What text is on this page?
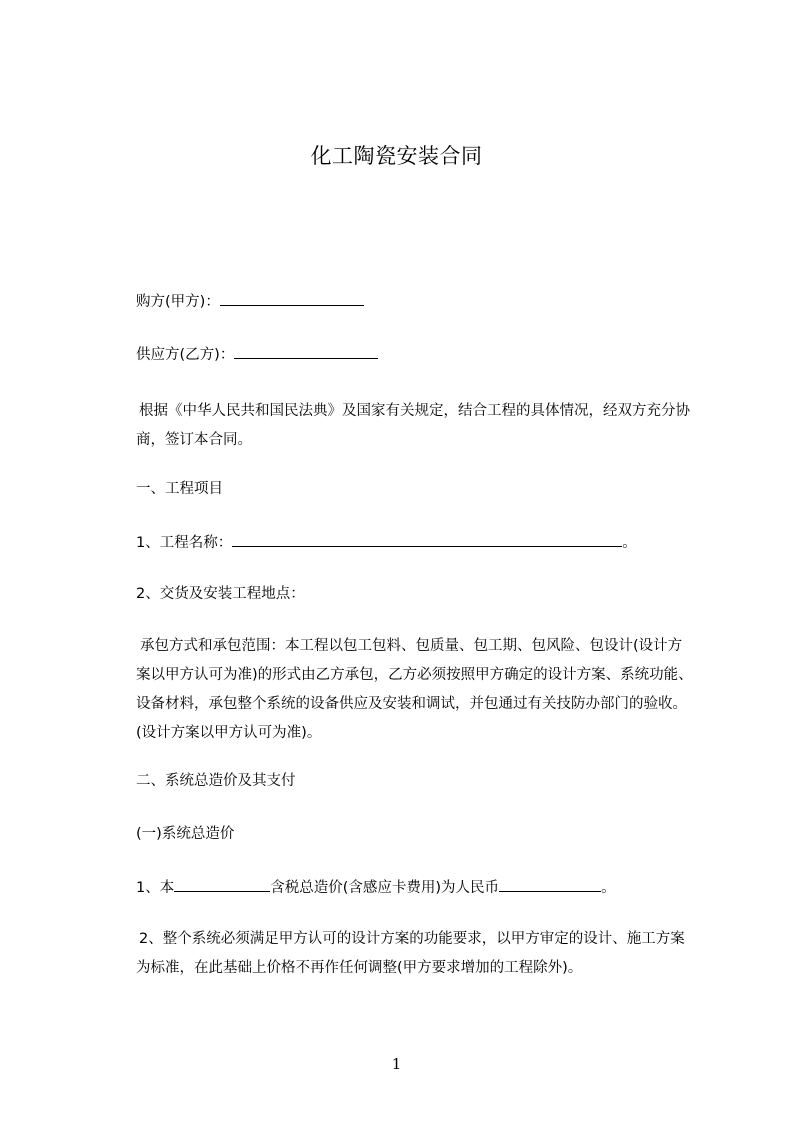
化工陶瓷安装合同
购方(甲方)：
供应方(乙方)：
根据《中华人民共和国民法典》及国家有关规定，结合工程的具体情况，经双方充分协商，签订本合同。
一、工程项目
1、工程名称：	。
2、交货及安装工程地点：
承包方式和承包范围：本工程以包工包料、包质量、包工期、包风险、包设计(设计方案以甲方认可为准)的形式由乙方承包，乙方必须按照甲方确定的设计方案、系统功能、设备材料，承包整个系统的设备供应及安装和调试，并包通过有关技防办部门的验收。(设计方案以甲方认可为准)。
二、系统总造价及其支付
(一)系统总造价
1、本	含税总造价(含感应卡费用)为人民币	。
2、整个系统必须满足甲方认可的设计方案的功能要求，以甲方审定的设计、施工方案为标准，在此基础上价格不再作任何调整(甲方要求增加的工程除外)。
1
